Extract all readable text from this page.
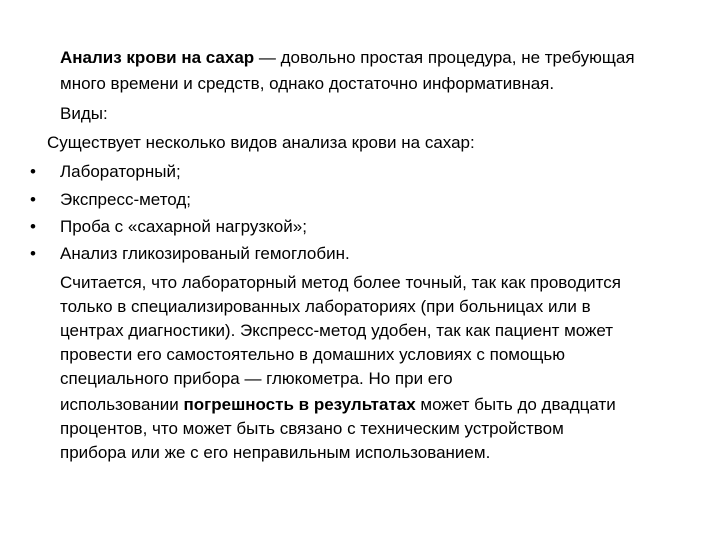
Анализ крови на сахар — довольно простая процедура, не требующая
много времени и средств, однако достаточно информативная.
Виды:
Существует несколько видов анализа крови на сахар:
• Лабораторный;
• Экспресс-метод;
• Проба с «сахарной нагрузкой»;
• Анализ гликозированый гемоглобин.
Считается, что лабораторный метод более точный, так как проводится
только в специализированных лабораториях (при больницах или в
центрах диагностики). Экспресс-метод удобен, так как пациент может
провести его самостоятельно в домашних условиях с помощью
специального прибора — глюкометра. Но при его
использовании погрешность в результатах может быть до двадцати
процентов, что может быть связано с техническим устройством
прибора или же с его неправильным использованием.
